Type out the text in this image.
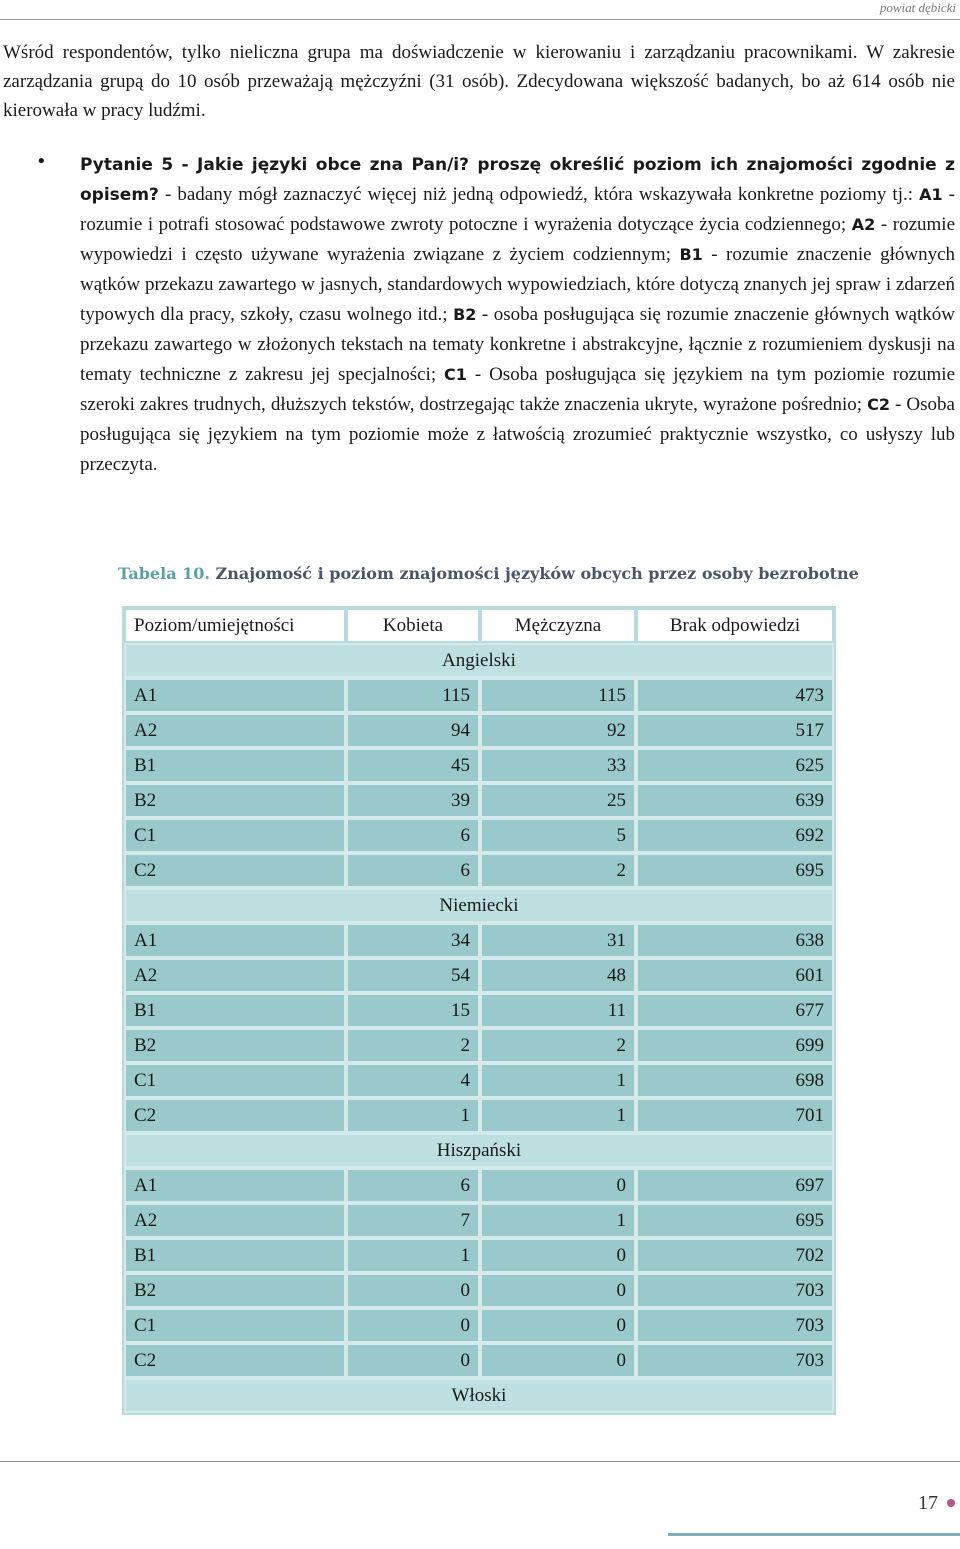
powiat dębicki

Wśród respondentów, tylko nieliczna grupa ma doświadczenie w kierowaniu i zarządzaniu pracownikami. W zakresie zarządzania grupą do 10 osób przeważają mężczyźni (31 osób). Zdecydowana większość badanych, bo aż 614 osób nie kierowała w pracy ludźmi.

• Pytanie 5 - Jakie języki obce zna Pan/i? proszę określić poziom ich znajomości zgodnie z opisem? - badany mógł zaznaczyć więcej niż jedną odpowiedź, która wskazywała konkretne poziomy tj.: A1 - rozumie i potrafi stosować podstawowe zwroty potoczne i wyrażenia dotyczące życia codziennego; A2 - rozumie wypowiedzi i często używane wyrażenia związane z życiem codziennym; B1 - rozumie znaczenie głównych wątków przekazu zawartego w jasnych, standardowych wypowiedziach, które dotyczą znanych jej spraw i zdarzeń typowych dla pracy, szkoły, czasu wolnego itd.; B2 - osoba posługująca się rozumie znaczenie głównych wątków przekazu zawartego w złożonych tekstach na tematy konkretne i abstrakcyjne, łącznie z rozumieniem dyskusji na tematy techniczne z zakresu jej specjalności; C1 - Osoba posługująca się językiem na tym poziomie rozumie szeroki zakres trudnych, dłuższych tekstów, dostrzegając także znaczenia ukryte, wyrażone pośrednio; C2 - Osoba posługująca się językiem na tym poziomie może z łatwością zrozumieć praktycznie wszystko, co usłyszy lub przeczyta.

Tabela 10. Znajomość i poziom znajomości języków obcych przez osoby bezrobotne
Poziom/umiejętności	Kobieta	Mężczyzna	Brak odpowiedzi
Angielski			
A1	115	115	473
A2	94	92	517
B1	45	33	625
B2	39	25	639
C1	6	5	692
C2	6	2	695
Niemiecki			
A1	34	31	638
A2	54	48	601
B1	15	11	677
B2	2	2	699
C1	4	1	698
C2	1	1	701
Hiszpański			
A1	6	0	697
A2	7	1	695
B1	1	0	702
B2	0	0	703
C1	0	0	703
C2	0	0	703
Włoski			
17
